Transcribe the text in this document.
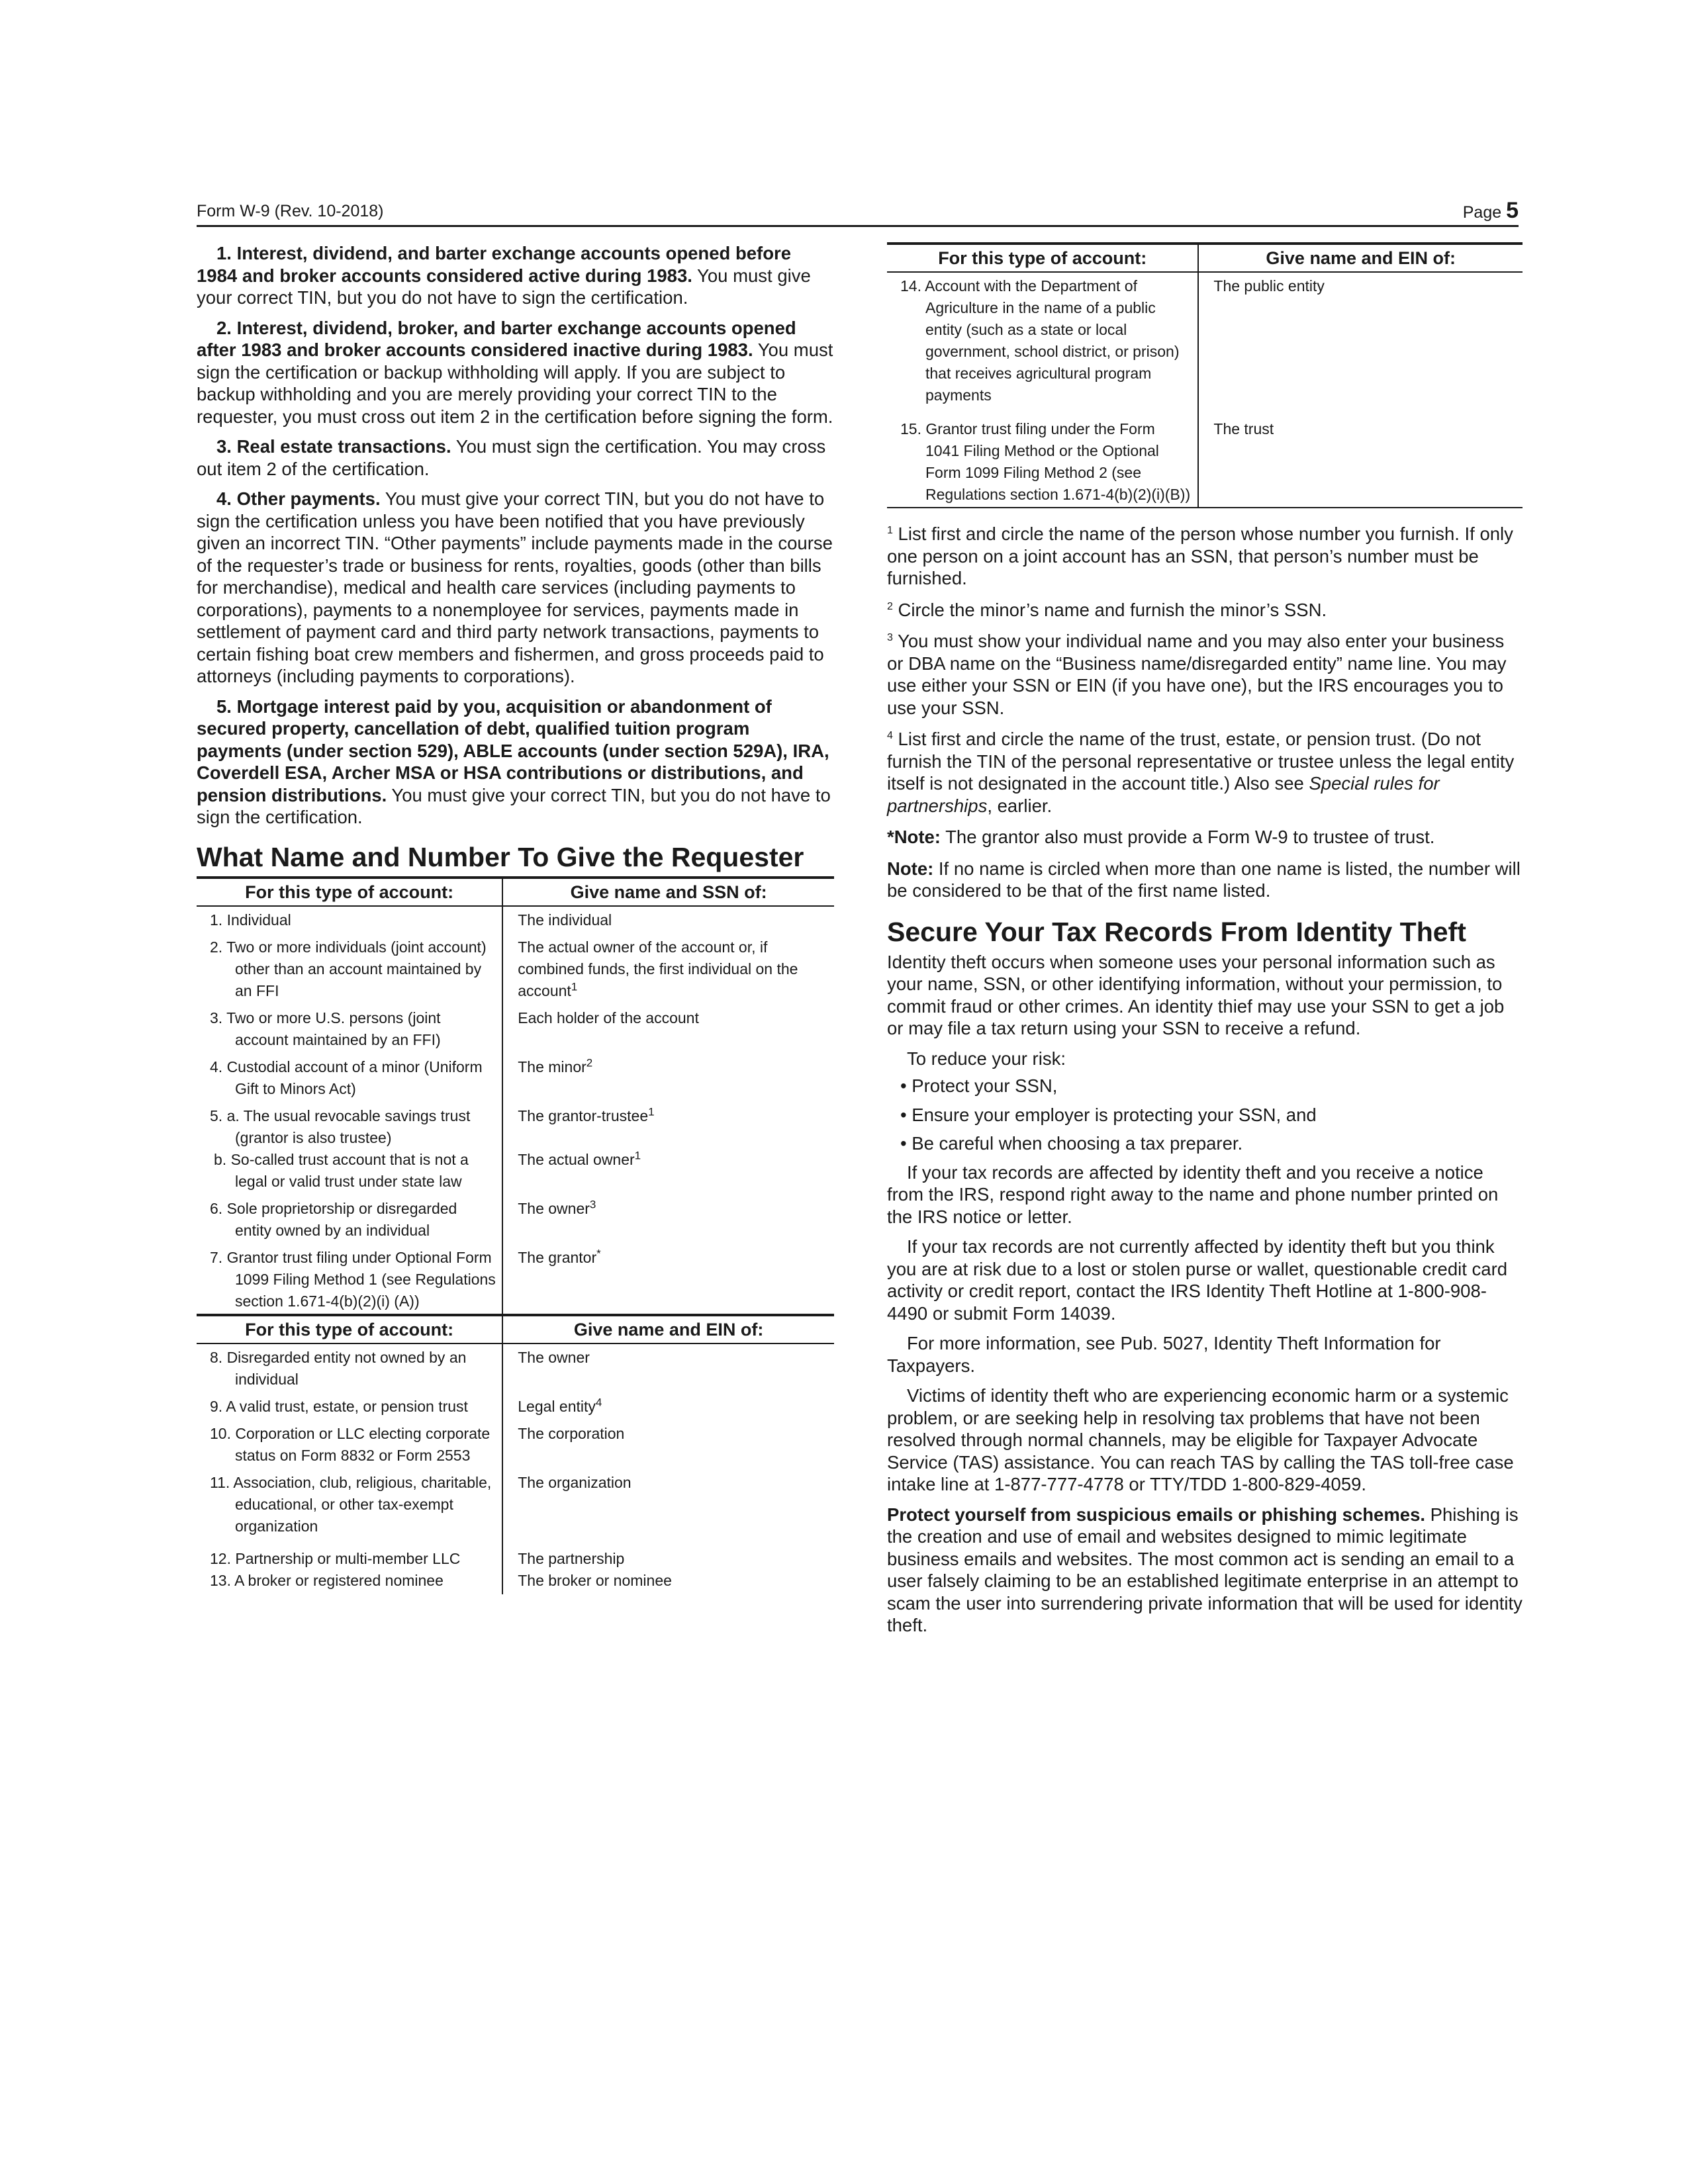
Form W-9 (Rev. 10-2018)	Page 5

1. Interest, dividend, and barter exchange accounts opened before 1984 and broker accounts considered active during 1983. You must give your correct TIN, but you do not have to sign the certification.

2. Interest, dividend, broker, and barter exchange accounts opened after 1983 and broker accounts considered inactive during 1983. You must sign the certification or backup withholding will apply. If you are subject to backup withholding and you are merely providing your correct TIN to the requester, you must cross out item 2 in the certification before signing the form.

3. Real estate transactions. You must sign the certification. You may cross out item 2 of the certification.

4. Other payments. You must give your correct TIN, but you do not have to sign the certification unless you have been notified that you have previously given an incorrect TIN. “Other payments” include payments made in the course of the requester’s trade or business for rents, royalties, goods (other than bills for merchandise), medical and health care services (including payments to corporations), payments to a nonemployee for services, payments made in settlement of payment card and third party network transactions, payments to certain fishing boat crew members and fishermen, and gross proceeds paid to attorneys (including payments to corporations).

5. Mortgage interest paid by you, acquisition or abandonment of secured property, cancellation of debt, qualified tuition program payments (under section 529), ABLE accounts (under section 529A), IRA, Coverdell ESA, Archer MSA or HSA contributions or distributions, and pension distributions. You must give your correct TIN, but you do not have to sign the certification.

What Name and Number To Give the Requester
For this type of account:	Give name and SSN of:

1. Individual	The individual

2. Two or more individuals (joint account) other than an account maintained by an FFI	The actual owner of the account or, if combined funds, the first individual on the account$^1$

3. Two or more U.S. persons (joint account maintained by an FFI)	Each holder of the account

4. Custodial account of a minor (Uniform Gift to Minors Act)	The minor$^2$

5. a. The usual revocable savings trust (grantor is also trustee)	The grantor-trustee$^1$

b. So-called trust account that is not a legal or valid trust under state law	The actual owner$^1$

6. Sole proprietorship or disregarded entity owned by an individual	The owner$^3$

7. Grantor trust filing under Optional Form 1099 Filing Method 1 (see Regulations section 1.671-4(b)(2)(i) (A))	The grantor*
For this type of account:	Give name and EIN of:

8. Disregarded entity not owned by an individual	The owner

9. A valid trust, estate, or pension trust	Legal entity$^4$

10. Corporation or LLC electing corporate status on Form 8832 or Form 2553	The corporation

11. Association, club, religious, charitable, educational, or other tax-exempt organization	The organization

12. Partnership or multi-member LLC	The partnership

13. A broker or registered nominee	The broker or nominee
For this type of account:	Give name and EIN of:

14. Account with the Department of Agriculture in the name of a public entity (such as a state or local government, school district, or prison) that receives agricultural program payments	The public entity

15. Grantor trust filing under the Form 1041 Filing Method or the Optional Form 1099 Filing Method 2 (see Regulations section 1.671-4(b)(2)(i)(B))	The trust

$^1$ List first and circle the name of the person whose number you furnish. If only one person on a joint account has an SSN, that person’s number must be furnished.

$^2$ Circle the minor’s name and furnish the minor’s SSN.

$^3$ You must show your individual name and you may also enter your business or DBA name on the “Business name/disregarded entity” name line. You may use either your SSN or EIN (if you have one), but the IRS encourages you to use your SSN.

$^4$ List first and circle the name of the trust, estate, or pension trust. (Do not furnish the TIN of the personal representative or trustee unless the legal entity itself is not designated in the account title.) Also see Special rules for partnerships, earlier.

*Note: The grantor also must provide a Form W-9 to trustee of trust.

Note: If no name is circled when more than one name is listed, the number will be considered to be that of the first name listed.

Secure Your Tax Records From Identity Theft

Identity theft occurs when someone uses your personal information such as your name, SSN, or other identifying information, without your permission, to commit fraud or other crimes. An identity thief may use your SSN to get a job or may file a tax return using your SSN to receive a refund.

To reduce your risk:

• Protect your SSN,

• Ensure your employer is protecting your SSN, and

• Be careful when choosing a tax preparer.

If your tax records are affected by identity theft and you receive a notice from the IRS, respond right away to the name and phone number printed on the IRS notice or letter.

If your tax records are not currently affected by identity theft but you think you are at risk due to a lost or stolen purse or wallet, questionable credit card activity or credit report, contact the IRS Identity Theft Hotline at 1-800-908-4490 or submit Form 14039.

For more information, see Pub. 5027, Identity Theft Information for Taxpayers.

Victims of identity theft who are experiencing economic harm or a systemic problem, or are seeking help in resolving tax problems that have not been resolved through normal channels, may be eligible for Taxpayer Advocate Service (TAS) assistance. You can reach TAS by calling the TAS toll-free case intake line at 1-877-777-4778 or TTY/TDD 1-800-829-4059.

Protect yourself from suspicious emails or phishing schemes. Phishing is the creation and use of email and websites designed to mimic legitimate business emails and websites. The most common act is sending an email to a user falsely claiming to be an established legitimate enterprise in an attempt to scam the user into surrendering private information that will be used for identity theft.
